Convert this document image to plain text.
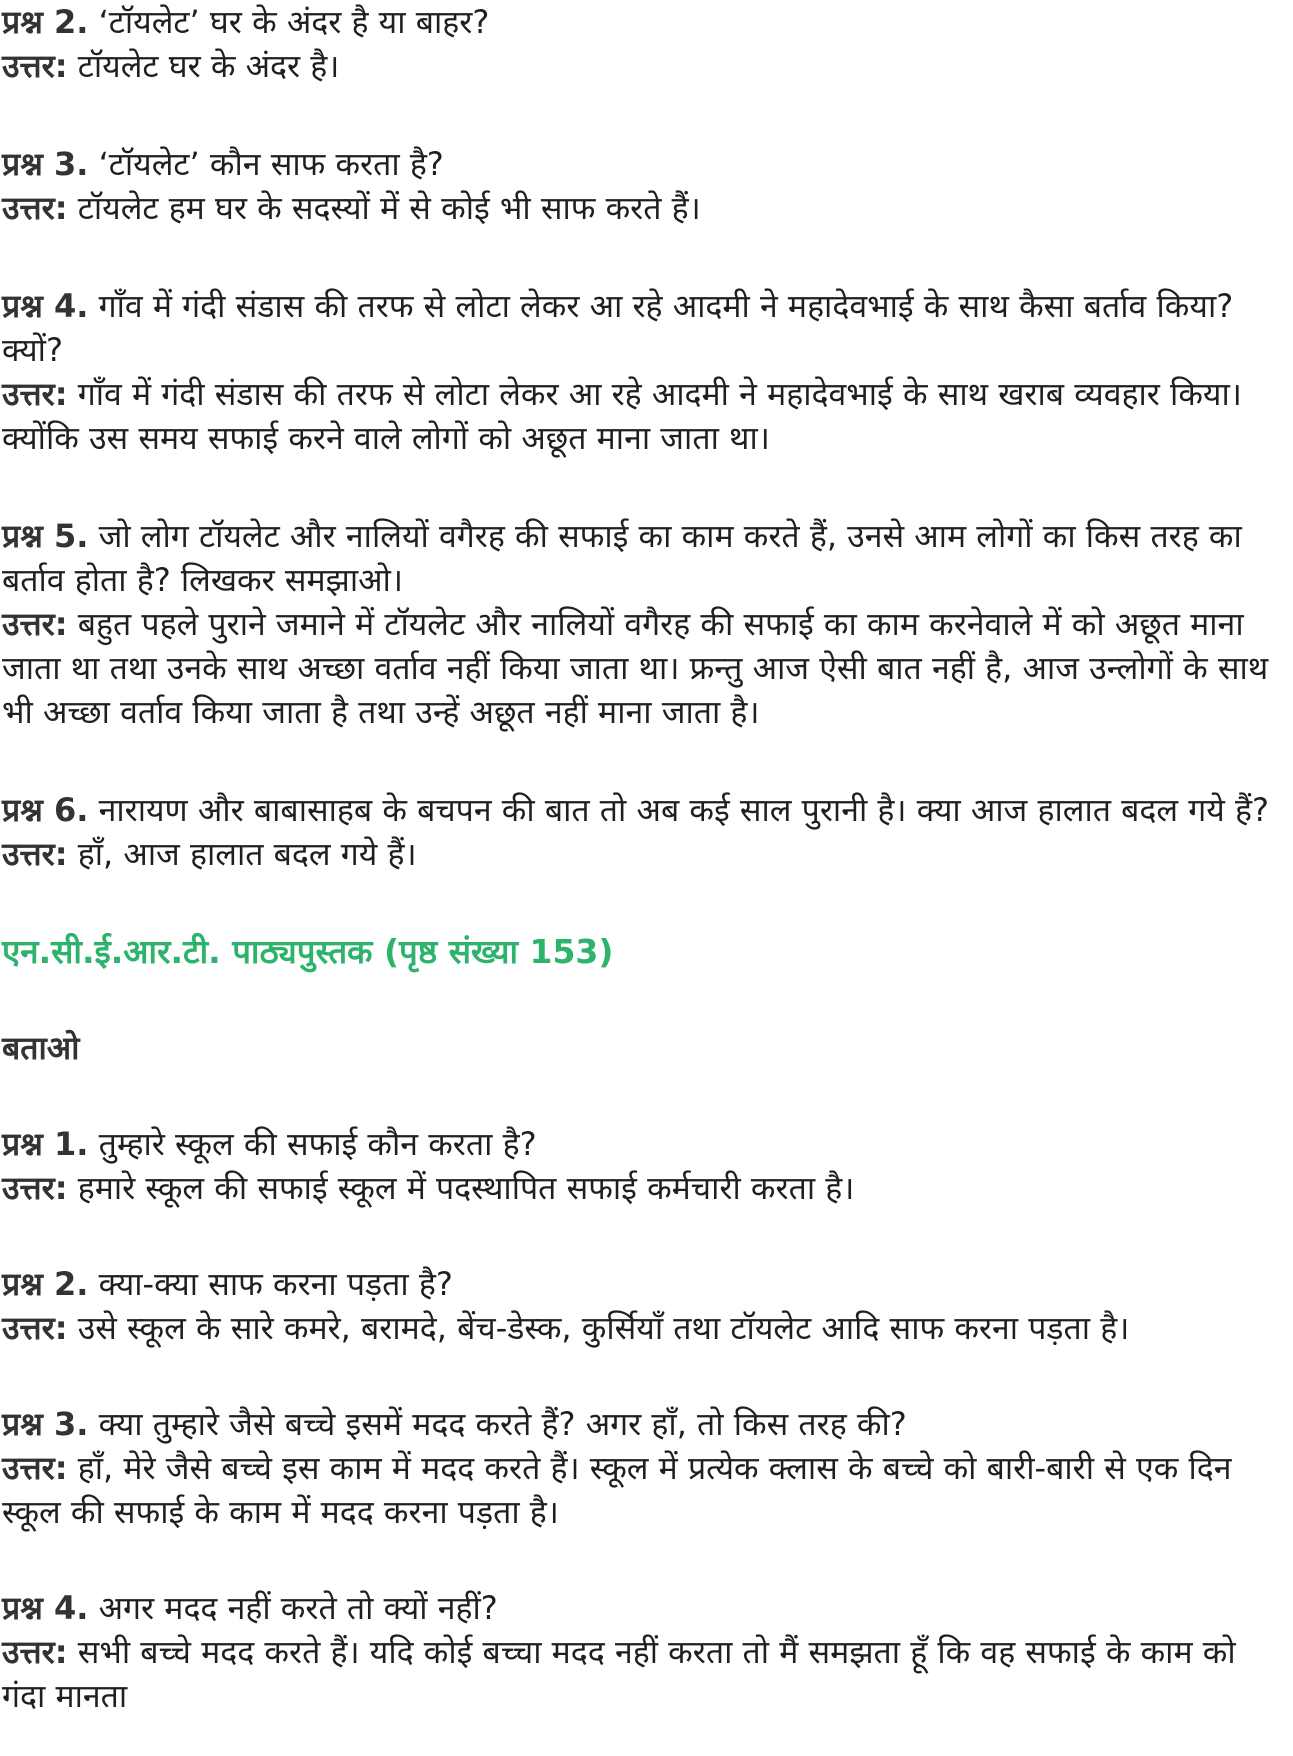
प्रश्न 2. ‘टॉयलेट’ घर के अंदर है या बाहर?

उत्तर: टॉयलेट घर के अंदर है।

प्रश्न 3. ‘टॉयलेट’ कौन साफ करता है?

उत्तर: टॉयलेट हम घर के सदस्यों में से कोई भी साफ करते हैं।

प्रश्न 4. गाँव में गंदी संडास की तरफ से लोटा लेकर आ रहे आदमी ने महादेवभाई के साथ कैसा बर्ताव किया? क्यों?

उत्तर: गाँव में गंदी संडास की तरफ से लोटा लेकर आ रहे आदमी ने महादेवभाई के साथ खराब व्यवहार किया। क्योंकि उस समय सफाई करने वाले लोगों को अछूत माना जाता था।

प्रश्न 5. जो लोग टॉयलेट और नालियों वगैरह की सफाई का काम करते हैं, उनसे आम लोगों का किस तरह का बर्ताव होता है? लिखकर समझाओ।

उत्तर: बहुत पहले पुराने जमाने में टॉयलेट और नालियों वगैरह की सफाई का काम करनेवाले में को अछूत माना जाता था तथा उनके साथ अच्छा वर्ताव नहीं किया जाता था। फ्रन्तु आज ऐसी बात नहीं है, आज उन्लोगों के साथ भी अच्छा वर्ताव किया जाता है तथा उन्हें अछूत नहीं माना जाता है।

प्रश्न 6. नारायण और बाबासाहब के बचपन की बात तो अब कई साल पुरानी है। क्या आज हालात बदल गये हैं?

उत्तर: हाँ, आज हालात बदल गये हैं।

एन.सी.ई.आर.टी. पाठ्यपुस्तक (पृष्ठ संख्या 153)
बताओ

प्रश्न 1. तुम्हारे स्कूल की सफाई कौन करता है?

उत्तर: हमारे स्कूल की सफाई स्कूल में पदस्थापित सफाई कर्मचारी करता है।

प्रश्न 2. क्या-क्या साफ करना पड़ता है?

उत्तर: उसे स्कूल के सारे कमरे, बरामदे, बेंच-डेस्क, कुर्सियाँ तथा टॉयलेट आदि साफ करना पड़ता है।

प्रश्न 3. क्या तुम्हारे जैसे बच्चे इसमें मदद करते हैं? अगर हाँ, तो किस तरह की?

उत्तर: हाँ, मेरे जैसे बच्चे इस काम में मदद करते हैं। स्कूल में प्रत्येक क्लास के बच्चे को बारी-बारी से एक दिन स्कूल की सफाई के काम में मदद करना पड़ता है।

प्रश्न 4. अगर मदद नहीं करते तो क्यों नहीं?

उत्तर: सभी बच्चे मदद करते हैं। यदि कोई बच्चा मदद नहीं करता तो मैं समझता हूँ कि वह सफाई के काम को गंदा मानता
